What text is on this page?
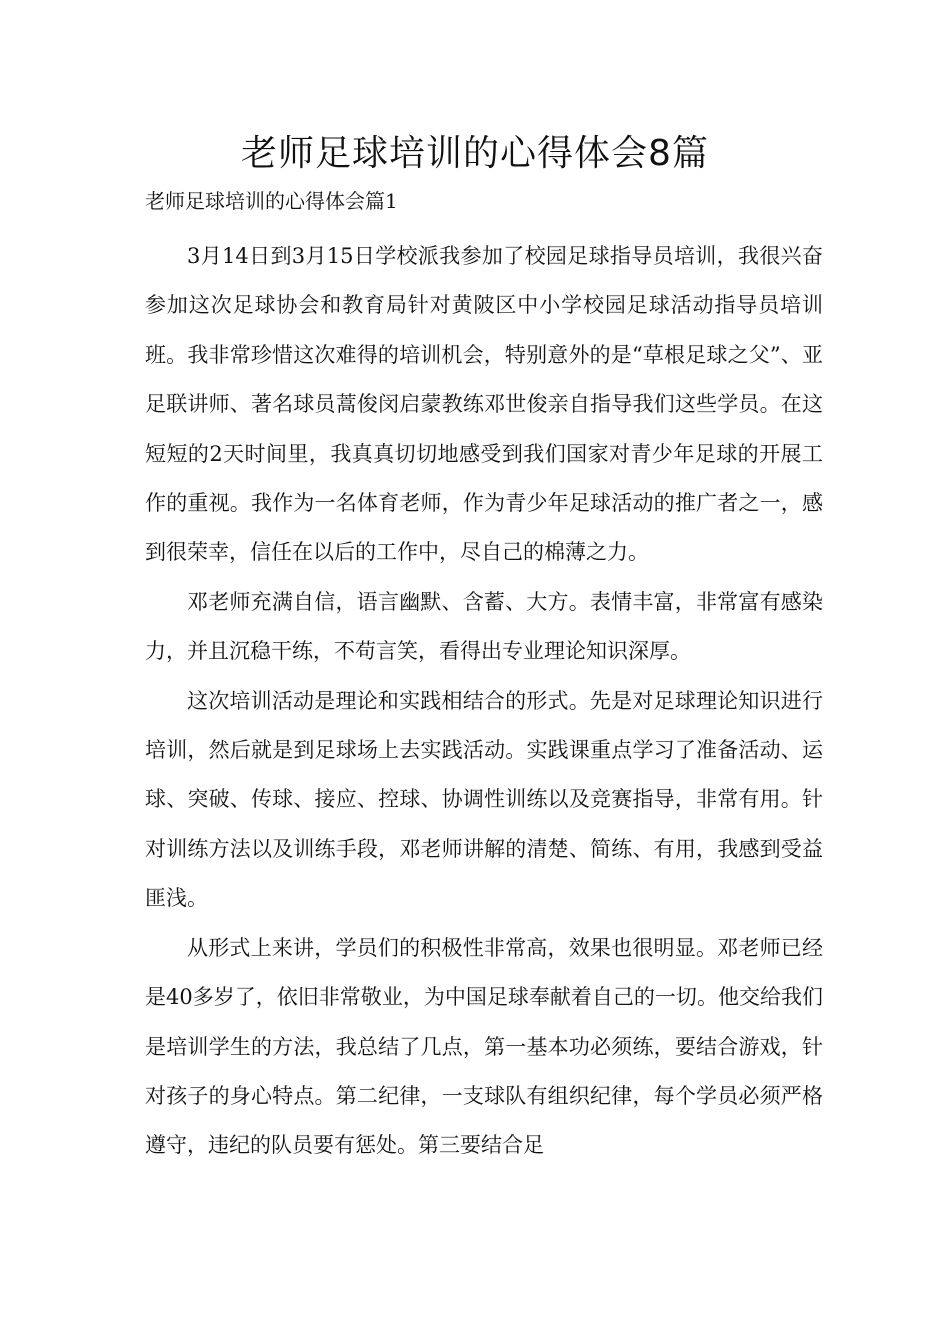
老师足球培训的心得体会8篇

老师足球培训的心得体会篇1

3月14日到3月15日学校派我参加了校园足球指导员培训，我很兴奋参加这次足球协会和教育局针对黄陂区中小学校园足球活动指导员培训班。我非常珍惜这次难得的培训机会，特别意外的是“草根足球之父”、亚足联讲师、著名球员蒿俊闵启蒙教练邓世俊亲自指导我们这些学员。在这短短的2天时间里，我真真切切地感受到我们国家对青少年足球的开展工作的重视。我作为一名体育老师，作为青少年足球活动的推广者之一，感到很荣幸，信任在以后的工作中，尽自己的棉薄之力。

邓老师充满自信，语言幽默、含蓄、大方。表情丰富，非常富有感染力，并且沉稳干练，不苟言笑，看得出专业理论知识深厚。

这次培训活动是理论和实践相结合的形式。先是对足球理论知识进行培训，然后就是到足球场上去实践活动。实践课重点学习了准备活动、运球、突破、传球、接应、控球、协调性训练以及竞赛指导，非常有用。针对训练方法以及训练手段，邓老师讲解的清楚、简练、有用，我感到受益匪浅。

从形式上来讲，学员们的积极性非常高，效果也很明显。邓老师已经是40多岁了，依旧非常敬业，为中国足球奉献着自己的一切。他交给我们是培训学生的方法，我总结了几点，第一基本功必须练，要结合游戏，针对孩子的身心特点。第二纪律，一支球队有组织纪律，每个学员必须严格遵守，违纪的队员要有惩处。第三要结合足
